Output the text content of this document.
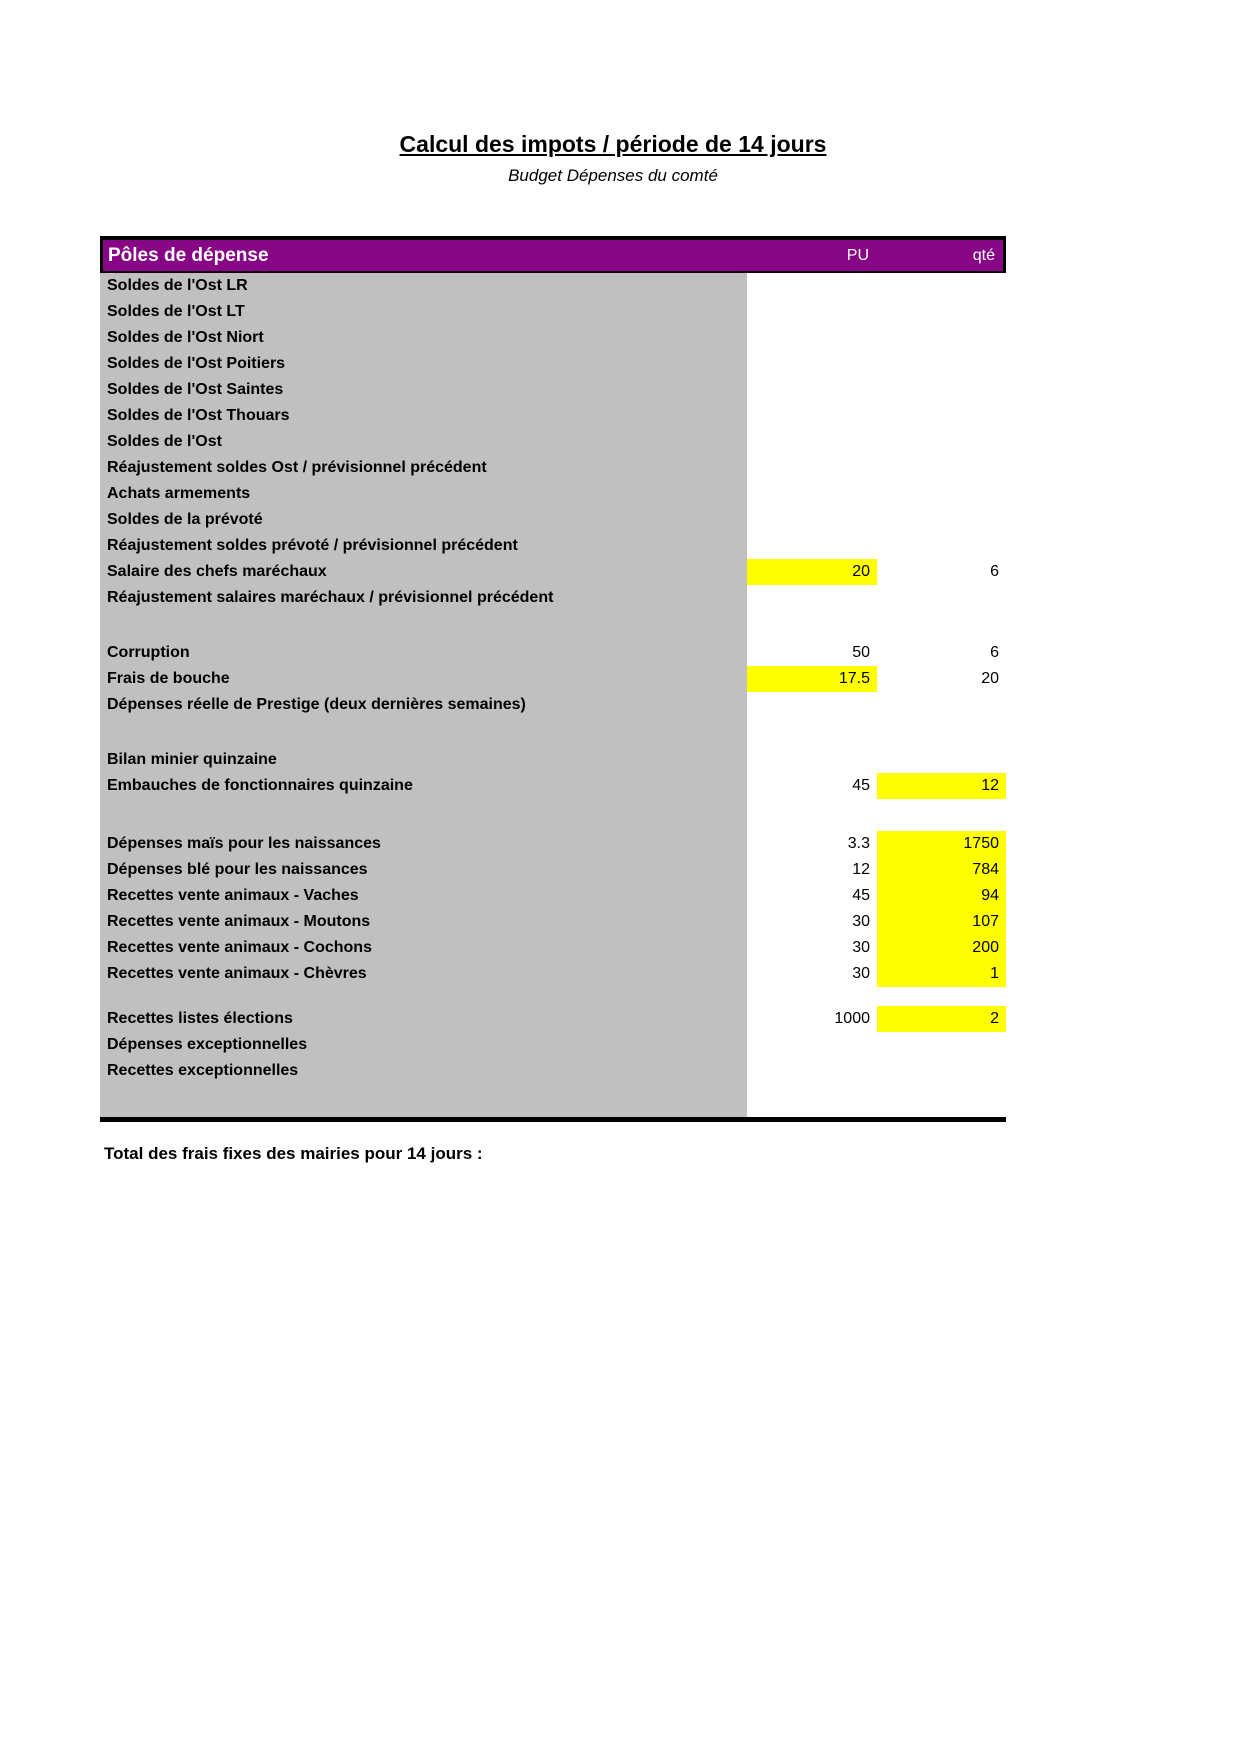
Calcul des impots / période de 14 jours
Budget Dépenses du comté
Pôles de dépense	PU	qté
Soldes de l'Ost LR
Soldes de l'Ost LT
Soldes de l'Ost Niort
Soldes de l'Ost Poitiers
Soldes de l'Ost Saintes
Soldes de l'Ost Thouars
Soldes de l'Ost
Réajustement soldes Ost / prévisionnel précédent
Achats armements
Soldes de la prévoté
Réajustement soldes prévoté / prévisionnel précédent
Salaire des chefs maréchaux	20	6
Réajustement salaires maréchaux / prévisionnel précédent
Corruption	50	6
Frais de bouche	17.5	20
Dépenses réelle de Prestige (deux dernières semaines)
Bilan minier quinzaine
Embauches de fonctionnaires quinzaine	45	12
Dépenses maïs pour les naissances	3.3	1750
Dépenses blé pour les naissances	12	784
Recettes vente animaux - Vaches	45	94
Recettes vente animaux - Moutons	30	107
Recettes vente animaux - Cochons	30	200
Recettes vente animaux - Chèvres	30	1
Recettes listes élections	1000	2
Dépenses exceptionnelles
Recettes exceptionnelles
Total des frais fixes des mairies pour 14 jours :
